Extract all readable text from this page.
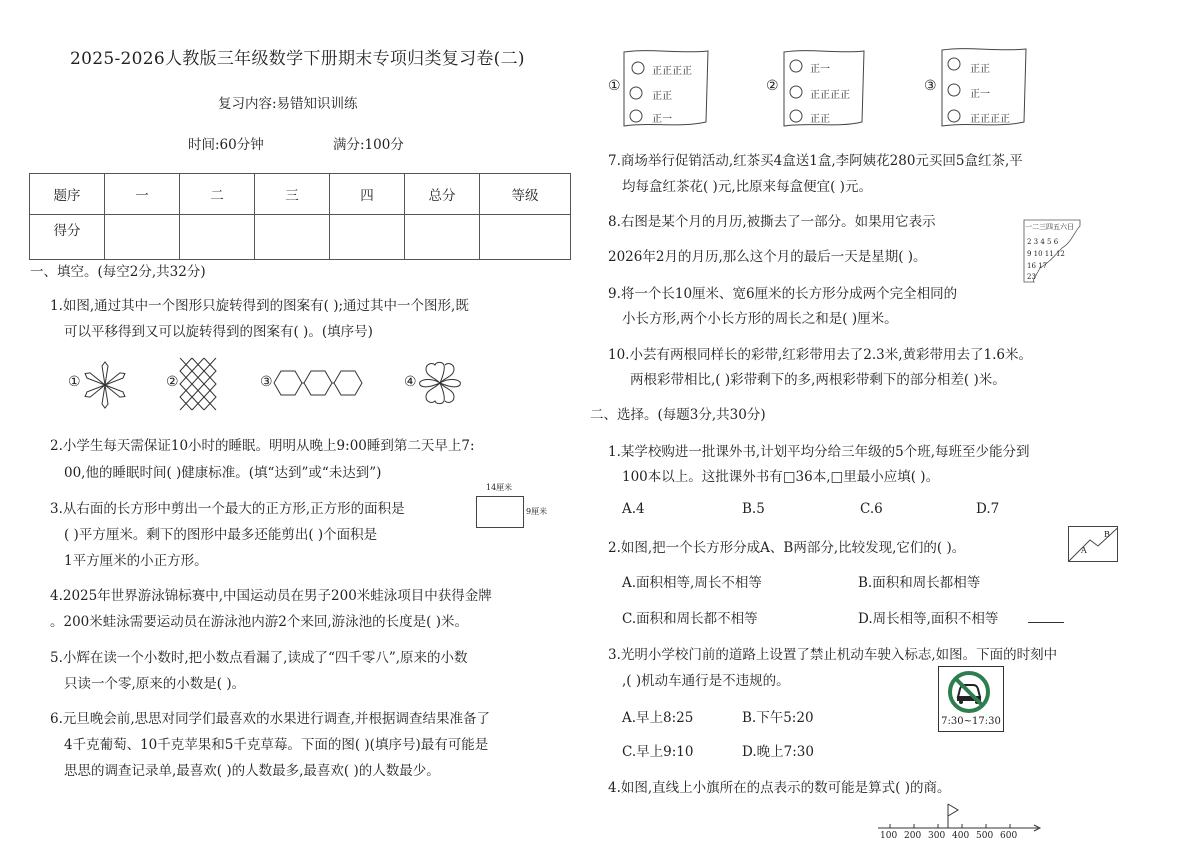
2025-2026人教版三年级数学下册期末专项归类复习卷(二)
复习内容:易错知识训练
时间:60分钟	满分:100分
题序	一	二	三	四	总分	等级
得分						
一、填空。(每空2分,共32分)
1.如图,通过其中一个图形只旋转得到的图案有( );通过其中一个图形,既
可以平移得到又可以旋转得到的图案有( )。(填序号)
①	②	③	④
2.小学生每天需保证10小时的睡眠。明明从晚上9:00睡到第二天早上7:
00,他的睡眠时间( )健康标准。(填“达到”或“未达到”)
3.从右面的长方形中剪出一个最大的正方形,正方形的面积是
( )平方厘米。剩下的图形中最多还能剪出( )个面积是
1平方厘米的小正方形。
14厘米
9厘米
4.2025年世界游泳锦标赛中,中国运动员在男子200米蛙泳项目中获得金牌
。200米蛙泳需要运动员在游泳池内游2个来回,游泳池的长度是( )米。
5.小辉在读一个小数时,把小数点看漏了,读成了“四千零八”,原来的小数
只读一个零,原来的小数是( )。
6.元旦晚会前,思思对同学们最喜欢的水果进行调查,并根据调查结果准备了
4千克葡萄、10千克苹果和5千克草莓。下面的图( )(填序号)最有可能是
思思的调查记录单,最喜欢( )的人数最多,最喜欢( )的人数最少。
①	②	③
正正正正
正正
正一
正一
正正正正
正正
正正
正一
正正正正
7.商场举行促销活动,红茶买4盒送1盒,李阿姨花280元买回5盒红茶,平
均每盒红茶花( )元,比原来每盒便宜( )元。
8.右图是某个月的月历,被撕去了一部分。如果用它表示
2026年2月的月历,那么这个月的最后一天是星期( )。
一二三四五六日
2 3 4 5 6
9 10 11 12
16 17
23
9.将一个长10厘米、宽6厘米的长方形分成两个完全相同的
小长方形,两个小长方形的周长之和是( )厘米。
10.小芸有两根同样长的彩带,红彩带用去了2.3米,黄彩带用去了1.6米。
两根彩带相比,( )彩带剩下的多,两根彩带剩下的部分相差( )米。
二、选择。(每题3分,共30分)
1.某学校购进一批课外书,计划平均分给三年级的5个班,每班至少能分到
100本以上。这批课外书有□36本,□里最小应填( )。
A.4	B.5	C.6	D.7
2.如图,把一个长方形分成A、B两部分,比较发现,它们的( )。	A
B
A.面积相等,周长不相等	B.面积和周长都相等
C.面积和周长都不相等	D.周长相等,面积不相等
3.光明小学校门前的道路上设置了禁止机动车驶入标志,如图。下面的时刻中
,( )机动车通行是不违规的。
7:30~17:30
A.早上8:25	B.下午5:20
C.早上9:10	D.晚上7:30
4.如图,直线上小旗所在的点表示的数可能是算式( )的商。
100 200 300 400 500 600
